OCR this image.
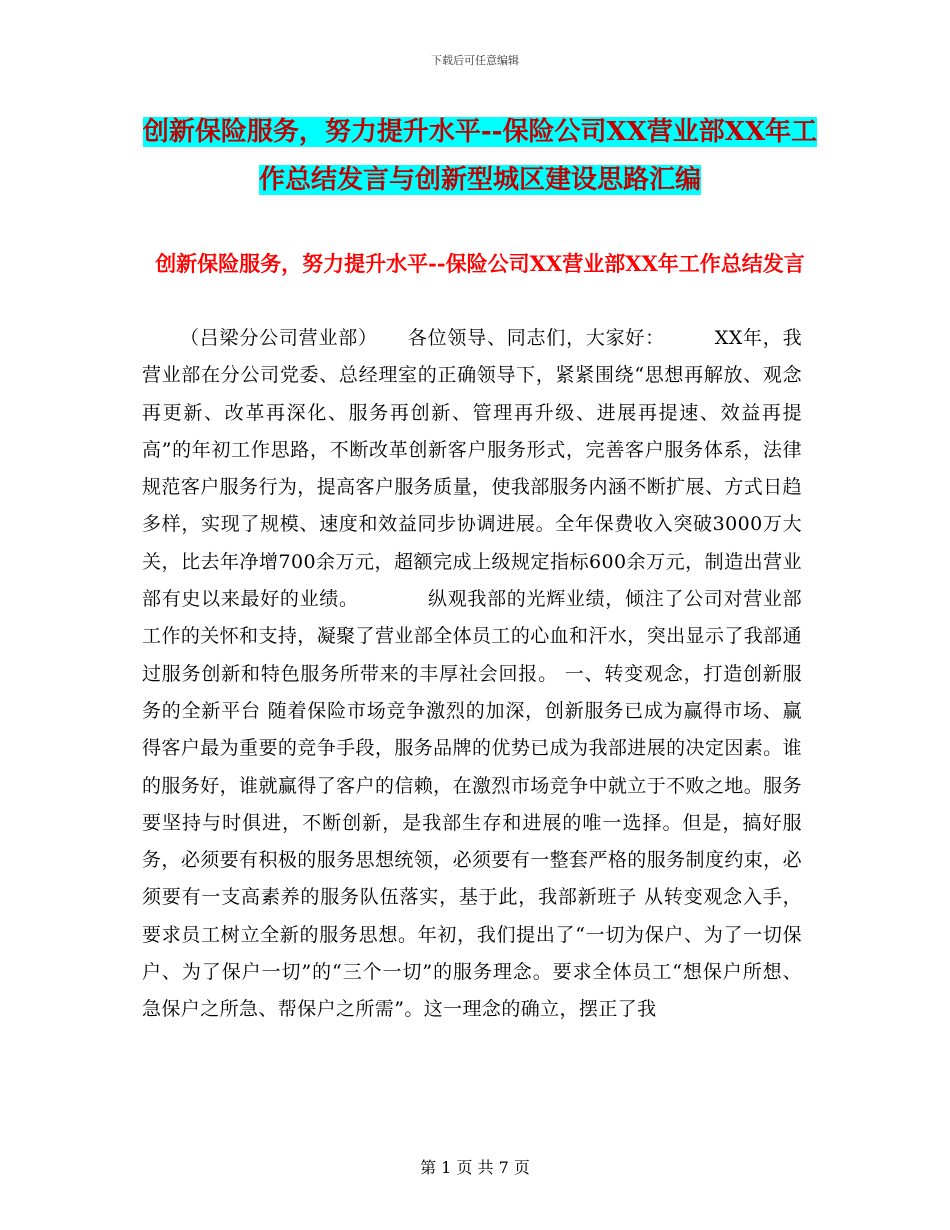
下载后可任意编辑
创新保险服务，努力提升水平--保险公司XX营业部XX年工作总结发言与创新型城区建设思路汇编
创新保险服务，努力提升水平--保险公司XX营业部XX年工作总结发言

（吕梁分公司营业部）　　各位领导、同志们，大家好：　　　XX年，我营业部在分公司党委、总经理室的正确领导下，紧紧围绕“思想再解放、观念再更新、改革再深化、服务再创新、管理再升级、进展再提速、效益再提高”的年初工作思路，不断改革创新客户服务形式，完善客户服务体系，法律规范客户服务行为，提高客户服务质量，使我部服务内涵不断扩展、方式日趋多样，实现了规模、速度和效益同步协调进展。全年保费收入突破3000万大关，比去年净增700余万元，超额完成上级规定指标600余万元，制造出营业部有史以来最好的业绩。　　　　纵观我部的光辉业绩，倾注了公司对营业部工作的关怀和支持，凝聚了营业部全体员工的心血和汗水，突出显示了我部通过服务创新和特色服务所带来的丰厚社会回报。 一、转变观念，打造创新服务的全新平台 随着保险市场竞争激烈的加深，创新服务已成为赢得市场、赢得客户最为重要的竞争手段，服务品牌的优势已成为我部进展的决定因素。谁的服务好，谁就赢得了客户的信赖，在激烈市场竞争中就立于不败之地。服务要坚持与时俱进，不断创新，是我部生存和进展的唯一选择。但是，搞好服务，必须要有积极的服务思想统领，必须要有一整套严格的服务制度约束，必须要有一支高素养的服务队伍落实，基于此，我部新班子 从转变观念入手，要求员工树立全新的服务思想。年初，我们提出了“一切为保户、为了一切保户、为了保户一切”的“三个一切”的服务理念。要求全体员工“想保户所想、急保户之所急、帮保户之所需”。这一理念的确立，摆正了我

第 1 页 共 7 页
